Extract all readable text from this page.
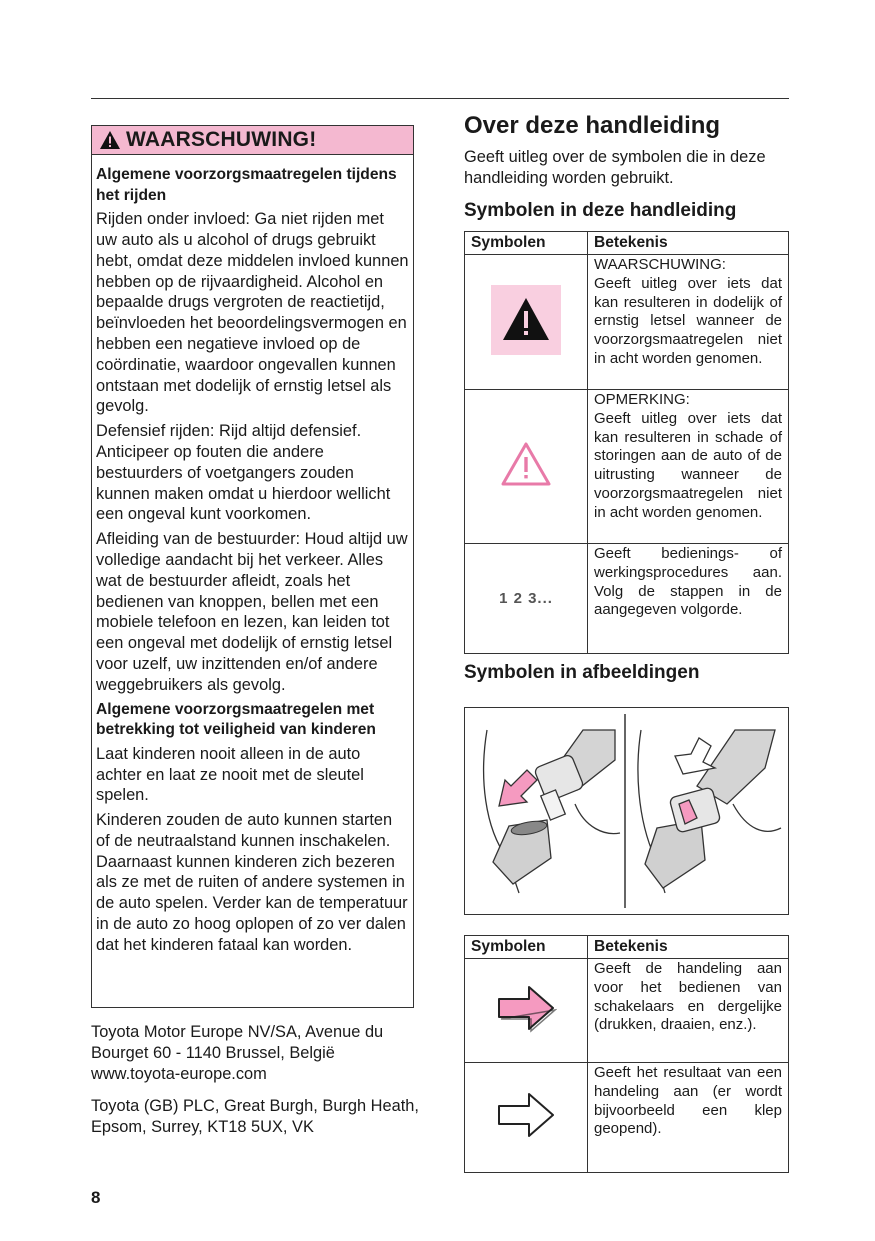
WAARSCHUWING!
Algemene voorzorgsmaatregelen tijdens het rijden

Rijden onder invloed: Ga niet rijden met uw auto als u alcohol of drugs gebruikt hebt, omdat deze middelen invloed kunnen hebben op de rijvaardigheid. Alcohol en bepaalde drugs vergroten de reactietijd, beïnvloeden het beoordelingsvermogen en hebben een negatieve invloed op de coördinatie, waardoor ongevallen kunnen ontstaan met dodelijk of ernstig letsel als gevolg.

Defensief rijden: Rijd altijd defensief. Anticipeer op fouten die andere bestuurders of voetgangers zouden kunnen maken omdat u hierdoor wellicht een ongeval kunt voorkomen.

Afleiding van de bestuurder: Houd altijd uw volledige aandacht bij het verkeer. Alles wat de bestuurder afleidt, zoals het bedienen van knoppen, bellen met een mobiele telefoon en lezen, kan leiden tot een ongeval met dodelijk of ernstig letsel voor uzelf, uw inzittenden en/of andere weggebruikers als gevolg.

Algemene voorzorgsmaatregelen met betrekking tot veiligheid van kinderen

Laat kinderen nooit alleen in de auto achter en laat ze nooit met de sleutel spelen.

Kinderen zouden de auto kunnen starten of de neutraalstand kunnen inschakelen. Daarnaast kunnen kinderen zich bezeren als ze met de ruiten of andere systemen in de auto spelen. Verder kan de temperatuur in de auto zo hoog oplopen of zo ver dalen dat het kinderen fataal kan worden.

Toyota Motor Europe NV/SA, Avenue du Bourget 60 - 1140 Brussel, België www.toyota-europe.com

Toyota (GB) PLC, Great Burgh, Burgh Heath, Epsom, Surrey, KT18 5UX, VK

Over deze handleiding
Geeft uitleg over de symbolen die in deze handleiding worden gebruikt.
Symbolen in deze handleiding
Symbolen	Betekenis

WAARSCHUWING:
Geeft uitleg over iets dat kan resulteren in dodelijk of ernstig letsel wanneer de voorzorgsmaatregelen niet in acht worden genomen.

OPMERKING:
Geeft uitleg over iets dat kan resulteren in schade of storingen aan de auto of de uitrusting wanneer de voorzorgsmaatregelen niet in acht worden genomen.
1 2 3...	Geeft bedienings- of werkingsprocedures aan. Volg de stappen in de aangegeven volgorde.
Symbolen in afbeeldingen
Symbolen	Betekenis
	Geeft de handeling aan voor het bedienen van schakelaars en dergelijke (drukken, draaien, enz.).
	Geeft het resultaat van een handeling aan (er wordt bijvoorbeeld een klep geopend).
8
